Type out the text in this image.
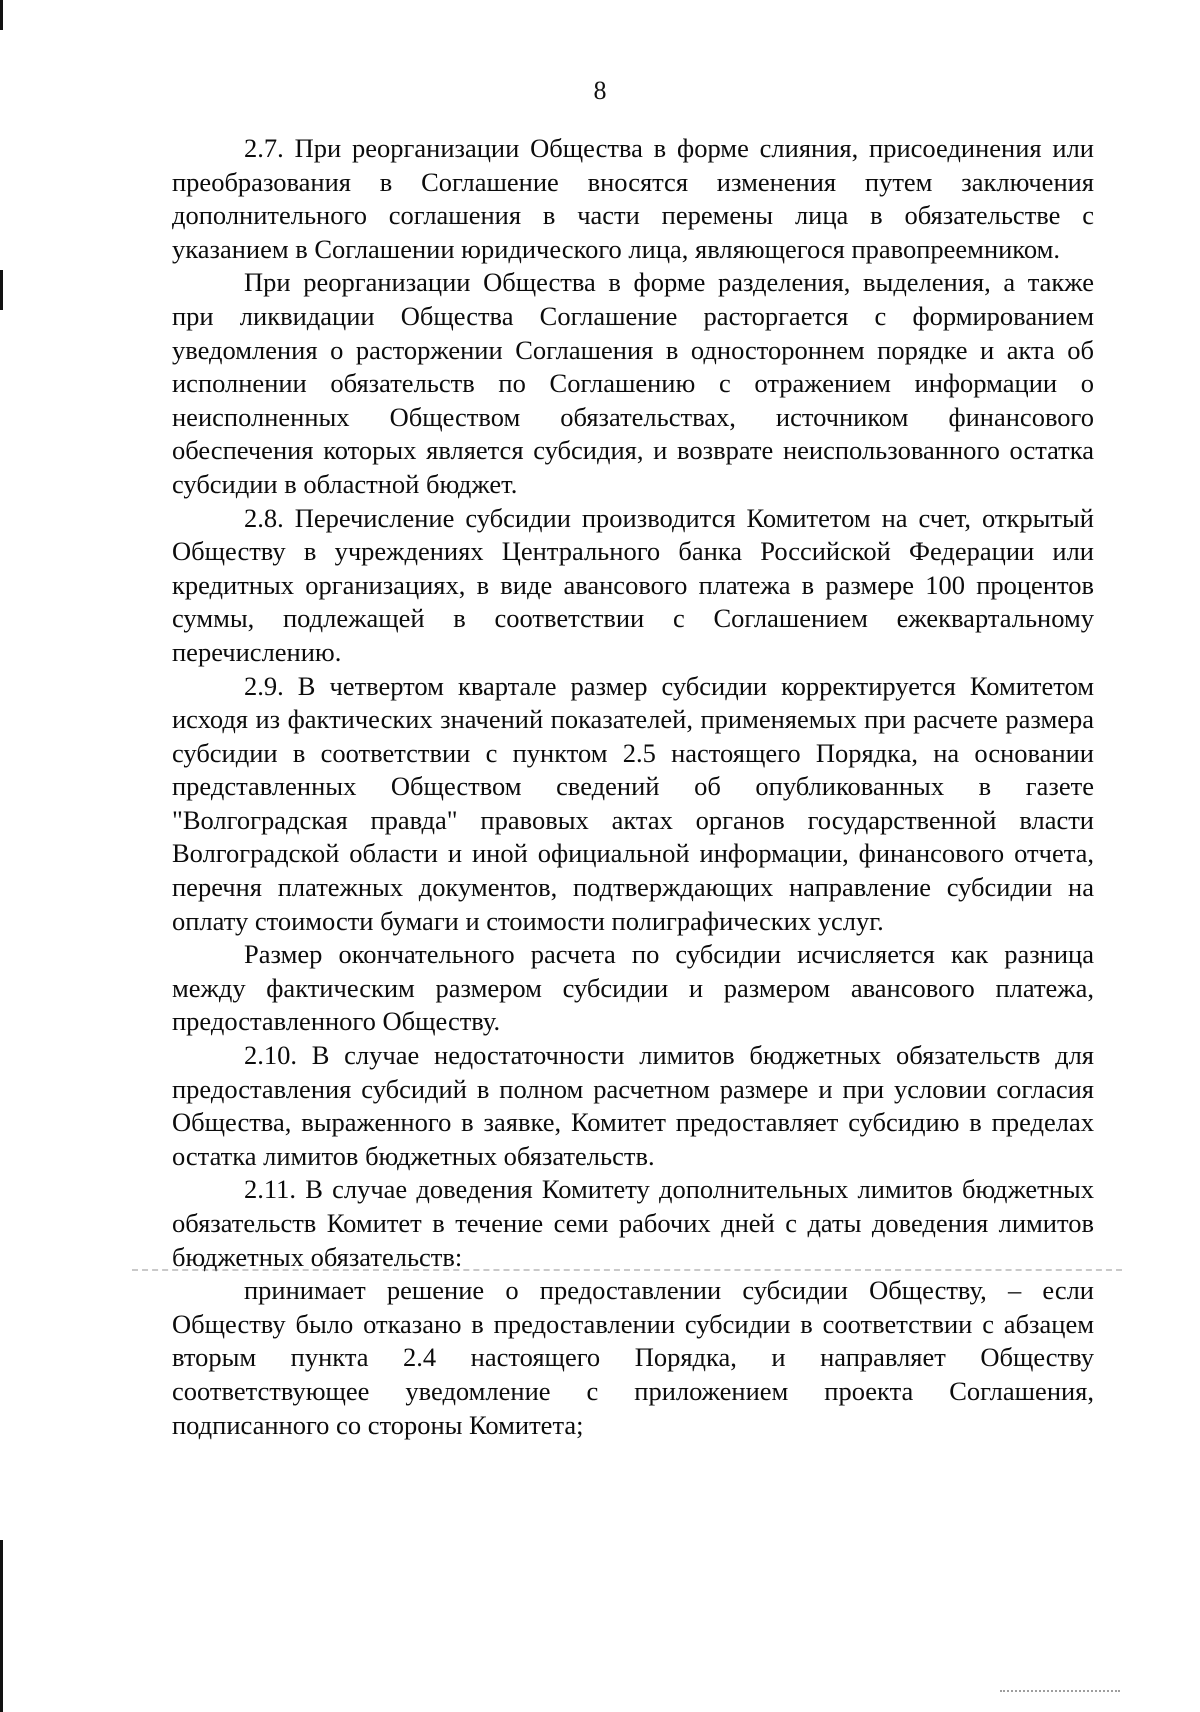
8

2.7. При реорганизации Общества в форме слияния, присоединения или преобразования в Соглашение вносятся изменения путем заключения дополнительного соглашения в части перемены лица в обязательстве с указанием в Соглашении юридического лица, являющегося правопреемником.

При реорганизации Общества в форме разделения, выделения, а также при ликвидации Общества Соглашение расторгается с формированием уведомления о расторжении Соглашения в одностороннем порядке и акта об исполнении обязательств по Соглашению с отражением информации о неисполненных Обществом обязательствах, источником финансового обеспечения которых является субсидия, и возврате неиспользованного остатка субсидии в областной бюджет.

2.8. Перечисление субсидии производится Комитетом на счет, открытый Обществу в учреждениях Центрального банка Российской Федерации или кредитных организациях, в виде авансового платежа в размере 100 процентов суммы, подлежащей в соответствии с Соглашением ежеквартальному перечислению.

2.9. В четвертом квартале размер субсидии корректируется Комитетом исходя из фактических значений показателей, применяемых при расчете размера субсидии в соответствии с пунктом 2.5 настоящего Порядка, на основании представленных Обществом сведений об опубликованных в газете "Волгоградская правда" правовых актах органов государственной власти Волгоградской области и иной официальной информации, финансового отчета, перечня платежных документов, подтверждающих направление субсидии на оплату стоимости бумаги и стоимости полиграфических услуг.

Размер окончательного расчета по субсидии исчисляется как разница между фактическим размером субсидии и размером авансового платежа, предоставленного Обществу.

2.10. В случае недостаточности лимитов бюджетных обязательств для предоставления субсидий в полном расчетном размере и при условии согласия Общества, выраженного в заявке, Комитет предоставляет субсидию в пределах остатка лимитов бюджетных обязательств.

2.11. В случае доведения Комитету дополнительных лимитов бюджетных обязательств Комитет в течение семи рабочих дней с даты доведения лимитов бюджетных обязательств:

принимает решение о предоставлении субсидии Обществу, – если Обществу было отказано в предоставлении субсидии в соответствии с абзацем вторым пункта 2.4 настоящего Порядка, и направляет Обществу соответствующее уведомление с приложением проекта Соглашения, подписанного со стороны Комитета;
